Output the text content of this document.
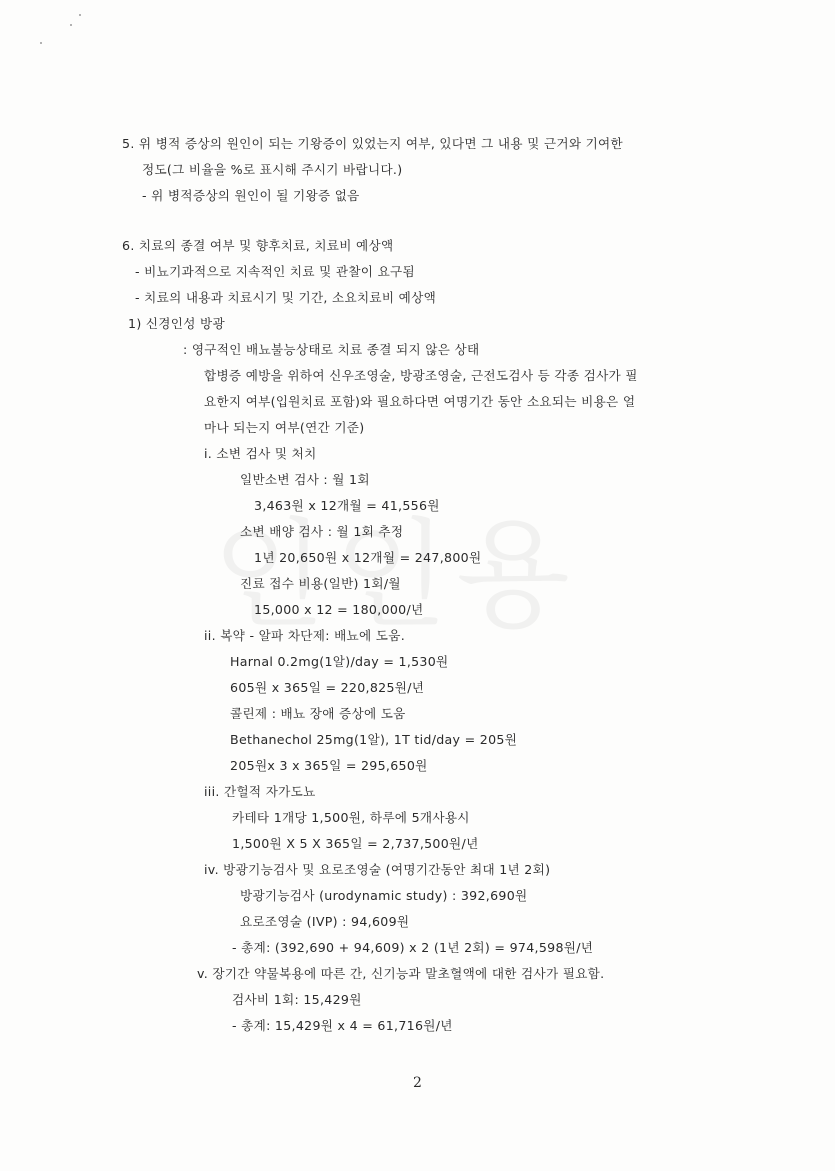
5. 위 병적 증상의 원인이 되는 기왕증이 있었는지 여부, 있다면 그 내용 및 근거와 기여한
정도(그 비율을 %로 표시해 주시기 바랍니다.)
- 위 병적증상의 원인이 될 기왕증 없음
6. 치료의 종결 여부 및 향후치료, 치료비 예상액
- 비뇨기과적으로 지속적인 치료 및 관찰이 요구됨
- 치료의 내용과 치료시기 및 기간, 소요치료비 예상액
1) 신경인성 방광
: 영구적인 배뇨불능상태로 치료 종결 되지 않은 상태
합병증 예방을 위하여 신우조영술, 방광조영술, 근전도검사 등 각종 검사가 필
요한지 여부(입원치료 포함)와 필요하다면 여명기간 동안 소요되는 비용은 얼
마나 되는지 여부(연간 기준)
i. 소변 검사 및 처치
일반소변 검사 : 월 1회
3,463원 x 12개월 = 41,556원
소변 배양 검사 : 월 1회 추정
1년 20,650원 x 12개월 = 247,800원
진료 접수 비용(일반) 1회/월
15,000 x 12 = 180,000/년
ii. 복약 - 알파 차단제: 배뇨에 도움.
Harnal 0.2mg(1알)/day = 1,530원
605원 x 365일 = 220,825원/년
콜린제 : 배뇨 장애 증상에 도움
Bethanechol 25mg(1알), 1T tid/day = 205원
205원x 3 x 365일 = 295,650원
iii. 간헐적 자가도뇨
카테타 1개당 1,500원, 하루에 5개사용시
1,500원 X 5 X 365일 = 2,737,500원/년
iv. 방광기능검사 및 요로조영술 (여명기간동안 최대 1년 2회)
방광기능검사 (urodynamic study) : 392,690원
요로조영술 (IVP) : 94,609원
- 총계: (392,690 + 94,609) x 2 (1년 2회) = 974,598원/년
v. 장기간 약물복용에 따른 간, 신기능과 말초혈액에 대한 검사가 필요함.
검사비 1회: 15,429원
- 총계: 15,429원 x 4 = 61,716원/년
2
